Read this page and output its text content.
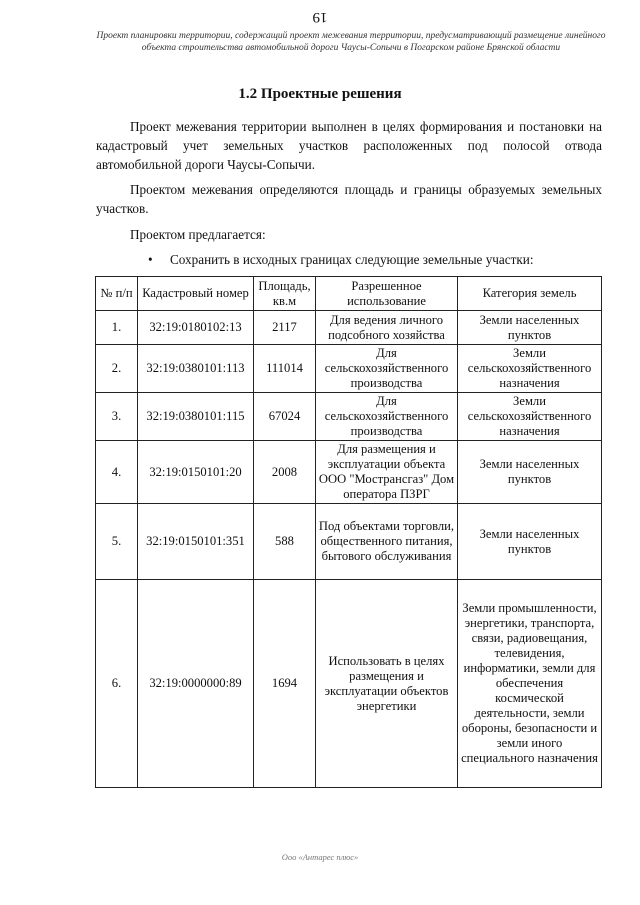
19
Проект планировки территории, содержащий проект межевания территории, предусматривающий размещение линейного объекта строительства автомобильной дороги Чаусы-Сопычи в Погарском районе Брянской области
1.2 Проектные решения

Проект межевания территории выполнен в целях формирования и постановки на кадастровый учет земельных участков расположенных под полосой отвода автомобильной дороги Чаусы-Сопычи.

Проектом межевания определяются площадь и границы образуемых земельных участков.

Проектом предлагается:

• Сохранить в исходных границах следующие земельные участки:
№ п/п	Кадастровый номер	Площадь, кв.м	Разрешенное использование	Категория земель
1.	32:19:0180102:13	2117	Для ведения личного подсобного хозяйства	Земли населенных пунктов
2.	32:19:0380101:113	111014	Для сельскохозяйственного производства	Земли сельскохозяйственного назначения
3.	32:19:0380101:115	67024	Для сельскохозяйственного производства	Земли сельскохозяйственного назначения
4.	32:19:0150101:20	2008	Для размещения и эксплуатации объекта ООО "Мострансгаз" Дом оператора ПЗРГ	Земли населенных пунктов
5.	32:19:0150101:351	588	Под объектами торговли, общественного питания, бытового обслуживания	Земли населенных пунктов
6.	32:19:0000000:89	1694	Использовать в целях размещения и эксплуатации объектов энергетики	Земли промышленности, энергетики, транспорта, связи, радиовещания, телевидения, информатики, земли для обеспечения космической деятельности, земли обороны, безопасности и земли иного специального назначения
Ооо «Антарес плюс»
